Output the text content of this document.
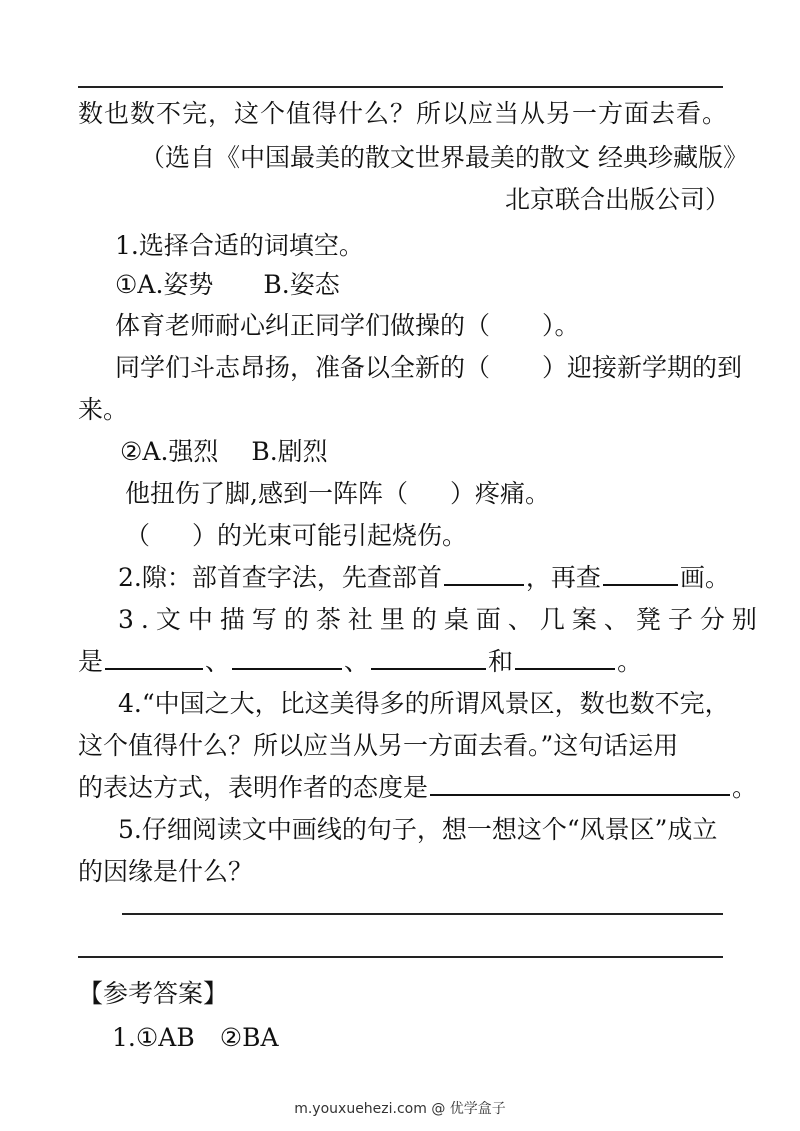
数也数不完，这个值得什么？所以应当从另一方面去看。
（选自《中国最美的散文世界最美的散文 经典珍藏版》
北京联合出版公司）
1.选择合适的词填空。
①A.姿势　　B.姿态
体育老师耐心纠正同学们做操的（ ）。
同学们斗志昂扬，准备以全新的（ ）迎接新学期的到
来。
②A.强烈　 B.剧烈
他扭伤了脚,感到一阵阵（ ）疼痛。
（ ）的光束可能引起烧伤。
2.隙：部首查字法，先查部首	，再查	画。
3.文中描写的茶社里的桌面、几案、凳子分别
是	、	、	和	。
4.“中国之大，比这美得多的所谓风景区，数也数不完，
这个值得什么？所以应当从另一方面去看。”这句话运用
的表达方式，表明作者的态度是	。
5.仔细阅读文中画线的句子，想一想这个“风景区”成立
的因缘是什么？
【参考答案】
1.①AB　②BA
m.youxuehezi.com @ 优学盒子
